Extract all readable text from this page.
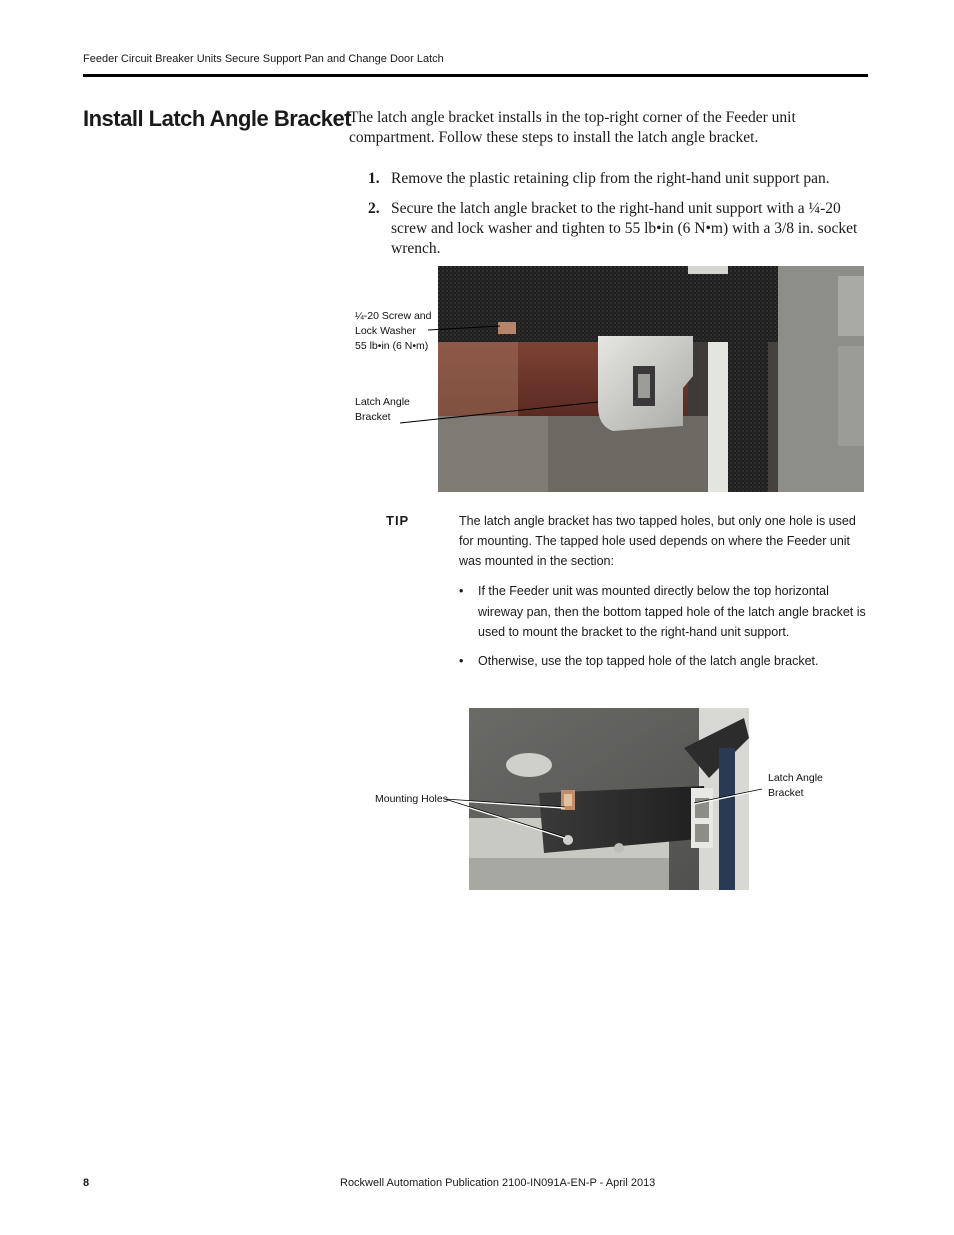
Feeder Circuit Breaker Units Secure Support Pan and Change Door Latch
Install Latch Angle Bracket
The latch angle bracket installs in the top-right corner of the Feeder unit compartment. Follow these steps to install the latch angle bracket.
1. Remove the plastic retaining clip from the right-hand unit support pan.
2. Secure the latch angle bracket to the right-hand unit support with a ¼-20 screw and lock washer and tighten to 55 lb•in (6 N•m) with a 3/8 in. socket wrench.
¼-20 Screw and
Lock Washer
55 lb•in (6 N•m)
Latch Angle
Bracket
TIP	The latch angle bracket has two tapped holes, but only one hole is used for mounting. The tapped hole used depends on where the Feeder unit was mounted in the section:
• If the Feeder unit was mounted directly below the top horizontal wireway pan, then the bottom tapped hole of the latch angle bracket is used to mount the bracket to the right-hand unit support.
• Otherwise, use the top tapped hole of the latch angle bracket.
Mounting Holes
Latch Angle
Bracket
8	Rockwell Automation Publication 2100-IN091A-EN-P - April 2013
